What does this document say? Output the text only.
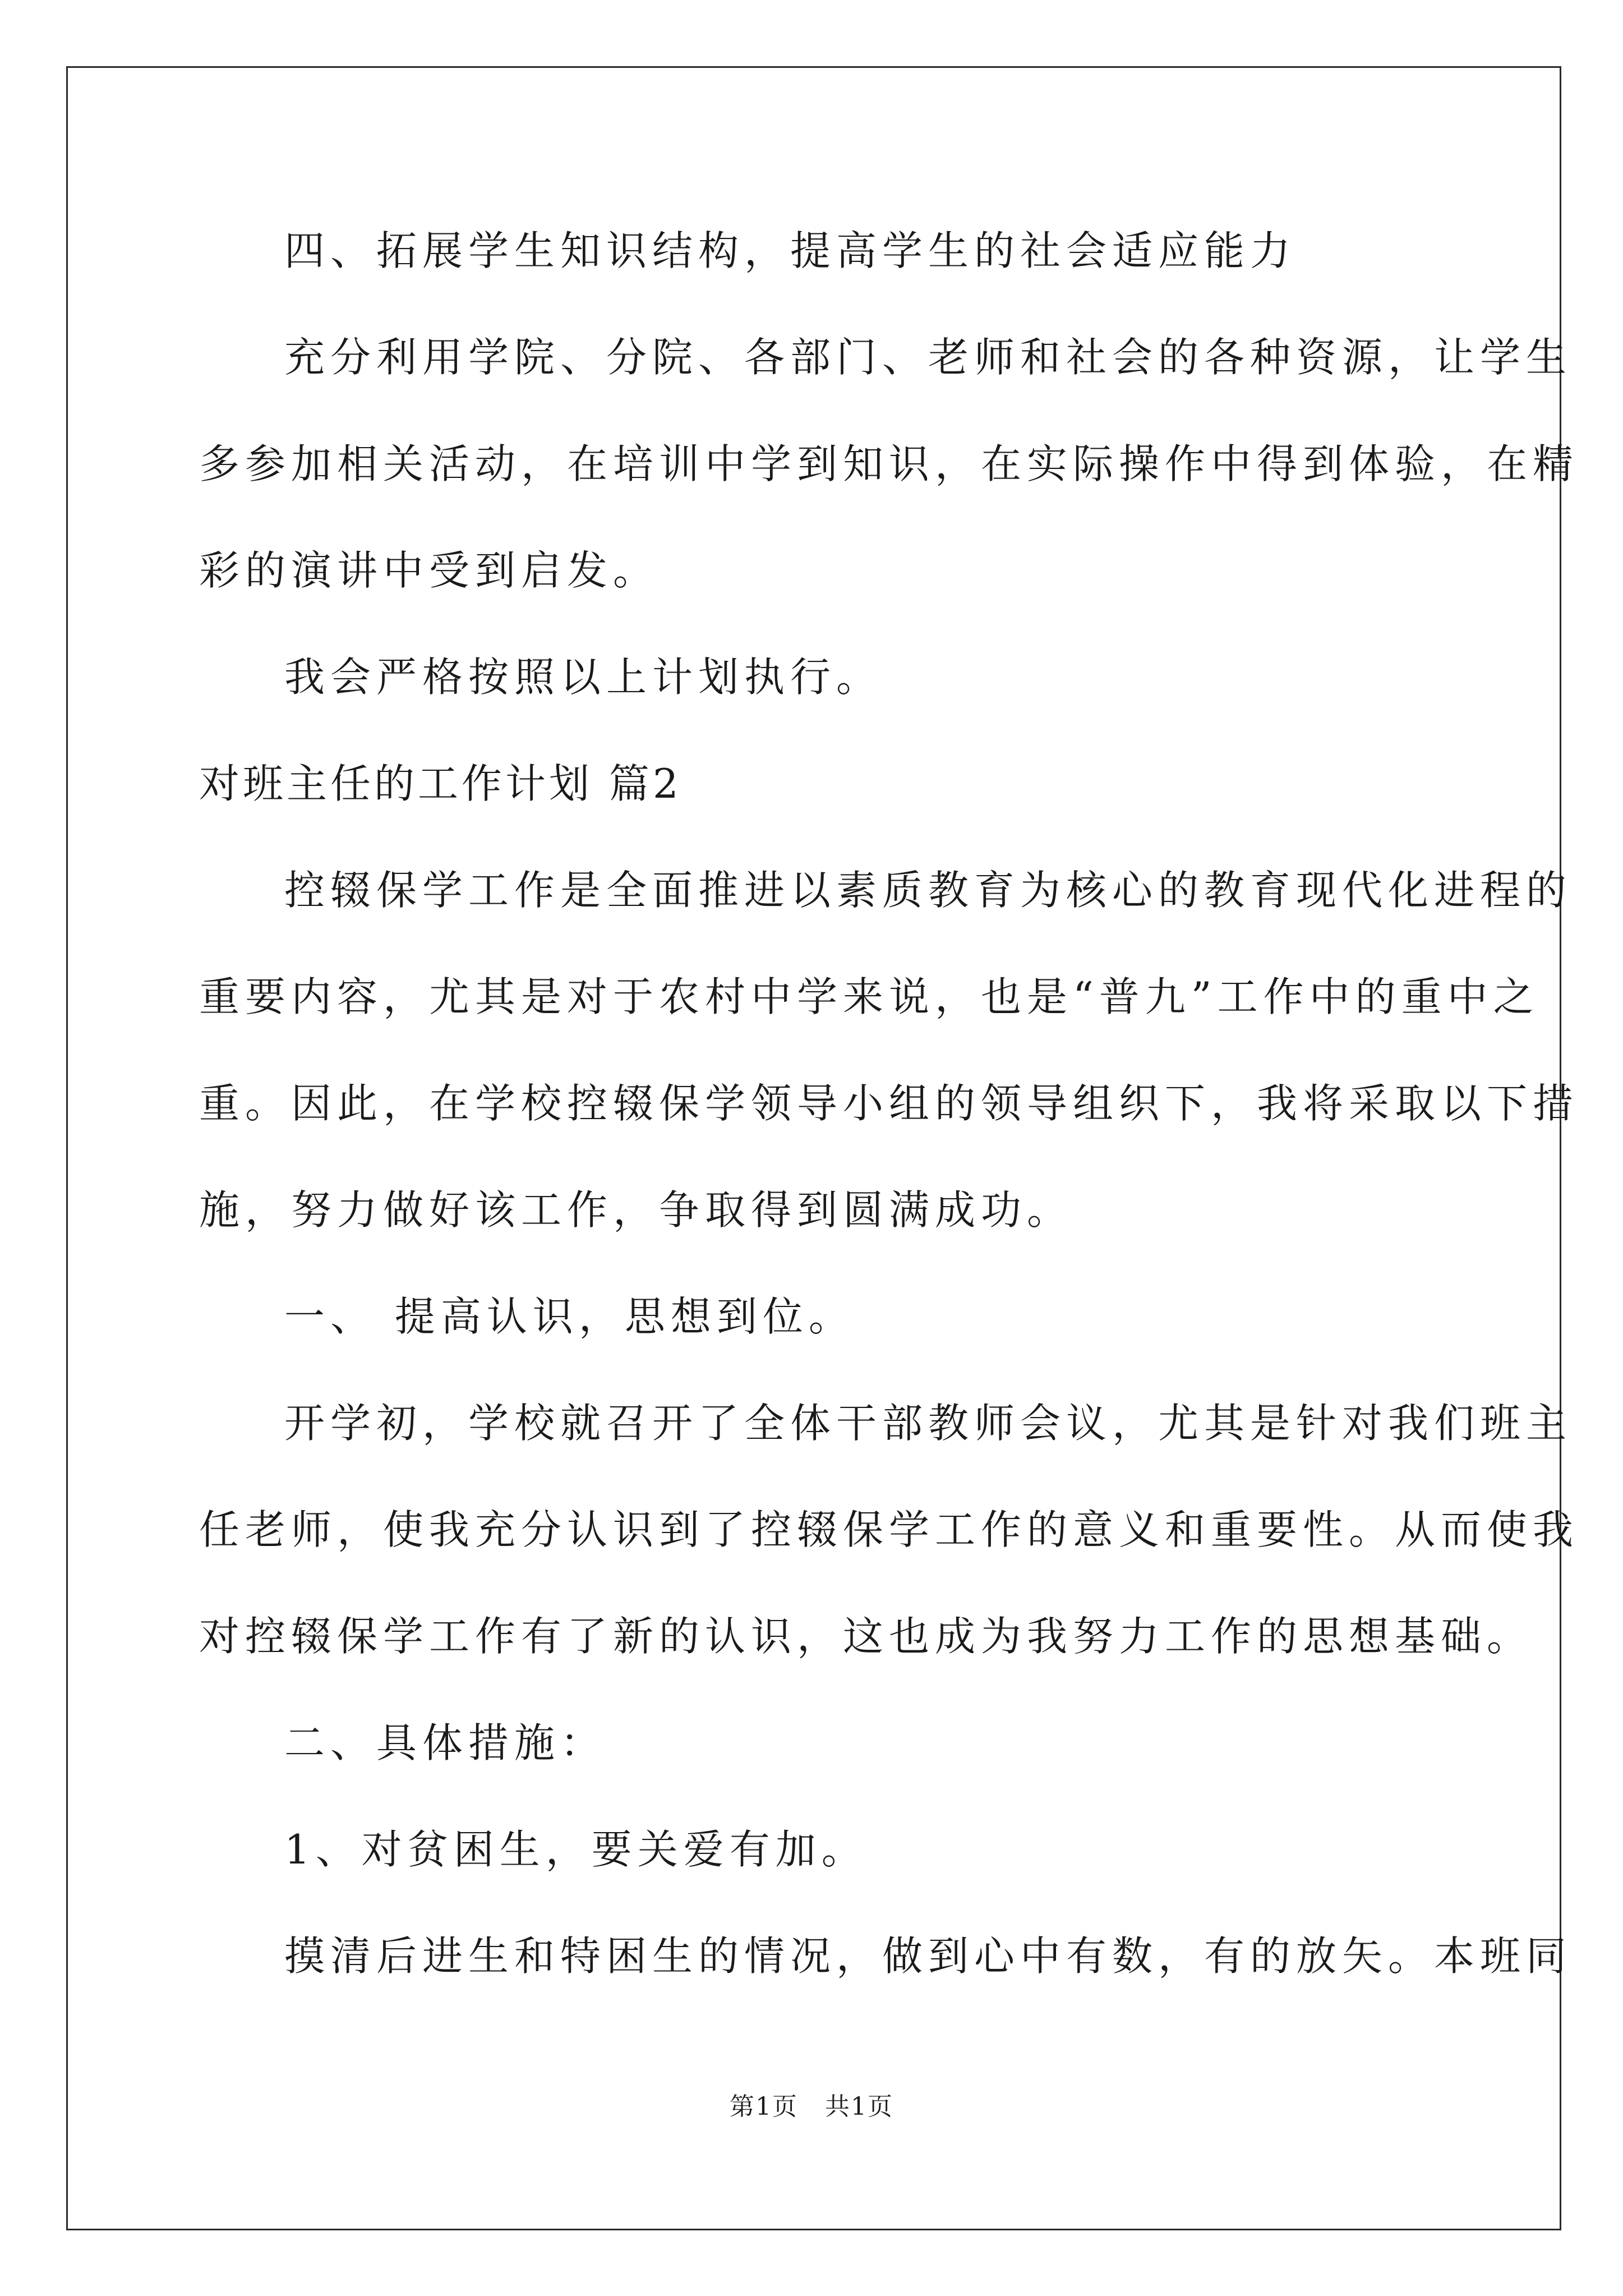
四、拓展学生知识结构，提高学生的社会适应能力
充分利用学院、分院、各部门、老师和社会的各种资源，让学生
多参加相关活动，在培训中学到知识，在实际操作中得到体验，在精
彩的演讲中受到启发。
我会严格按照以上计划执行。
对班主任的工作计划 篇2
控辍保学工作是全面推进以素质教育为核心的教育现代化进程的
重要内容，尤其是对于农村中学来说，也是“普九”工作中的重中之
重。因此，在学校控辍保学领导小组的领导组织下，我将采取以下措
施，努力做好该工作，争取得到圆满成功。
一、 提高认识，思想到位。
开学初，学校就召开了全体干部教师会议，尤其是针对我们班主
任老师，使我充分认识到了控辍保学工作的意义和重要性。从而使我
对控辍保学工作有了新的认识，这也成为我努力工作的思想基础。
二、具体措施：
1、对贫困生，要关爱有加。
摸清后进生和特困生的情况，做到心中有数，有的放矢。本班同
第1页   共1页
